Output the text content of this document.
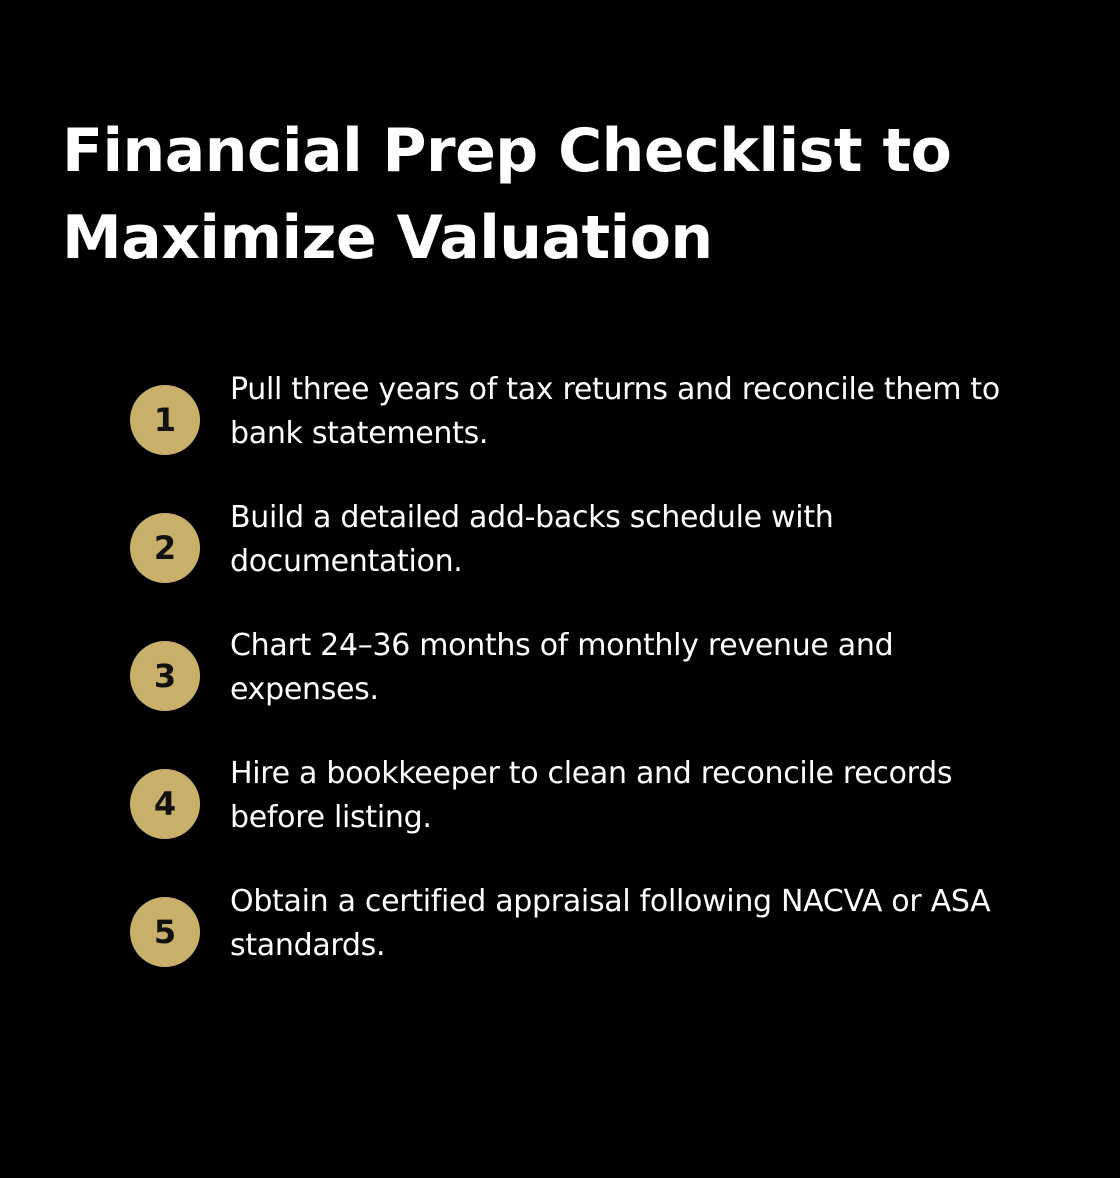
Financial Prep Checklist to Maximize Valuation
1
Pull three years of tax returns and reconcile them to bank statements.
2
Build a detailed add-backs schedule with documentation.
3
Chart 24–36 months of monthly revenue and expenses.
4
Hire a bookkeeper to clean and reconcile records before listing.
5
Obtain a certified appraisal following NACVA or ASA standards.
